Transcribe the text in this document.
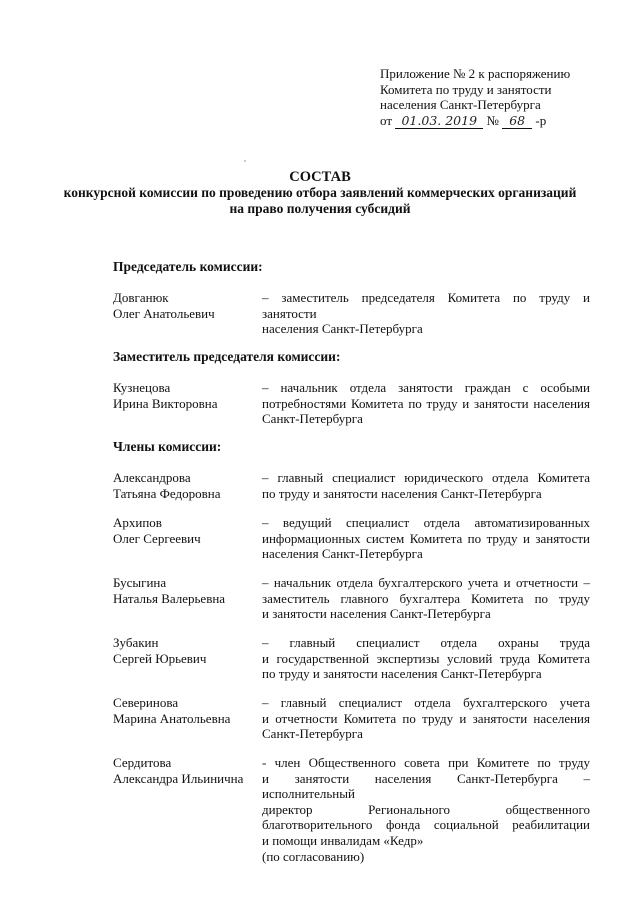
Приложение № 2 к распоряжению
Комитета по труду и занятости
населения Санкт-Петербурга
от 01.03. 2019 № 68 -р
СОСТАВ
конкурсной комиссии по проведению отбора заявлений коммерческих организаций
на право получения субсидий
Председатель комиссии:
Довганюк
Олег Анатольевич
– заместитель председателя Комитета по труду и занятости
населения Санкт-Петербурга
Заместитель председателя комиссии:
Кузнецова
Ирина Викторовна
– начальник отдела занятости граждан с особыми
потребностями Комитета по труду и занятости населения
Санкт-Петербурга
Члены комиссии:
Александрова
Татьяна Федоровна
– главный специалист юридического отдела Комитета
по труду и занятости населения Санкт-Петербурга
Архипов
Олег Сергеевич
– ведущий специалист отдела автоматизированных
информационных систем Комитета по труду и занятости
населения Санкт-Петербурга
Бусыгина
Наталья Валерьевна
– начальник отдела бухгалтерского учета и отчетности –
заместитель главного бухгалтера Комитета по труду
и занятости населения Санкт-Петербурга
Зубакин
Сергей Юрьевич
– главный специалист отдела охраны труда
и государственной экспертизы условий труда Комитета
по труду и занятости населения Санкт-Петербурга
Северинова
Марина Анатольевна
– главный специалист отдела бухгалтерского учета
и отчетности Комитета по труду и занятости населения
Санкт-Петербурга
Сердитова
Александра Ильинична
- член Общественного совета при Комитете по труду
и занятости населения Санкт-Петербурга – исполнительный
директор Регионального общественного
благотворительного фонда социальной реабилитации
и помощи инвалидам «Кедр»
(по согласованию)
